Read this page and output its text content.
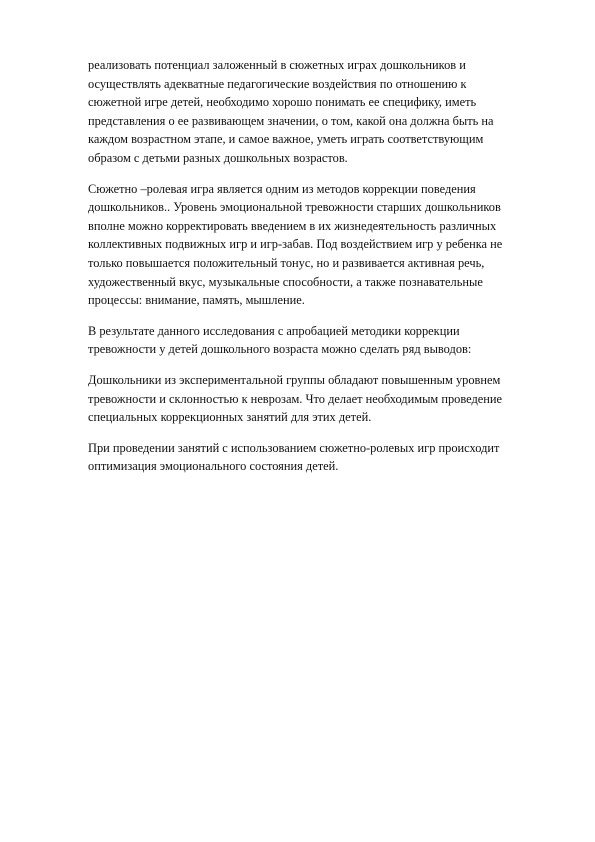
реализовать потенциал заложенный в сюжетных играх дошкольников и
осуществлять адекватные педагогические воздействия по отношению к
сюжетной игре детей, необходимо хорошо понимать ее специфику, иметь
представления о ее развивающем значении, о том, какой она должна быть на
каждом возрастном этапе, и самое важное, уметь играть соответствующим
образом с детьми разных дошкольных возрастов.

Сюжетно –ролевая игра является одним из методов коррекции поведения
дошкольников.. Уровень эмоциональной тревожности старших дошкольников
вполне можно корректировать введением в их жизнедеятельность различных
коллективных подвижных игр и игр-забав. Под воздействием игр у ребенка не
только повышается положительный тонус, но и развивается активная речь,
художественный вкус, музыкальные способности, а также познавательные
процессы: внимание, память, мышление.

В результате данного исследования с апробацией методики коррекции
тревожности у детей дошкольного возраста можно сделать ряд выводов:

Дошкольники из экспериментальной группы обладают повышенным уровнем
тревожности и склонностью к неврозам. Что делает необходимым проведение
специальных коррекционных занятий для этих детей.

При проведении занятий с использованием сюжетно-ролевых игр происходит
оптимизация эмоционального состояния детей.
